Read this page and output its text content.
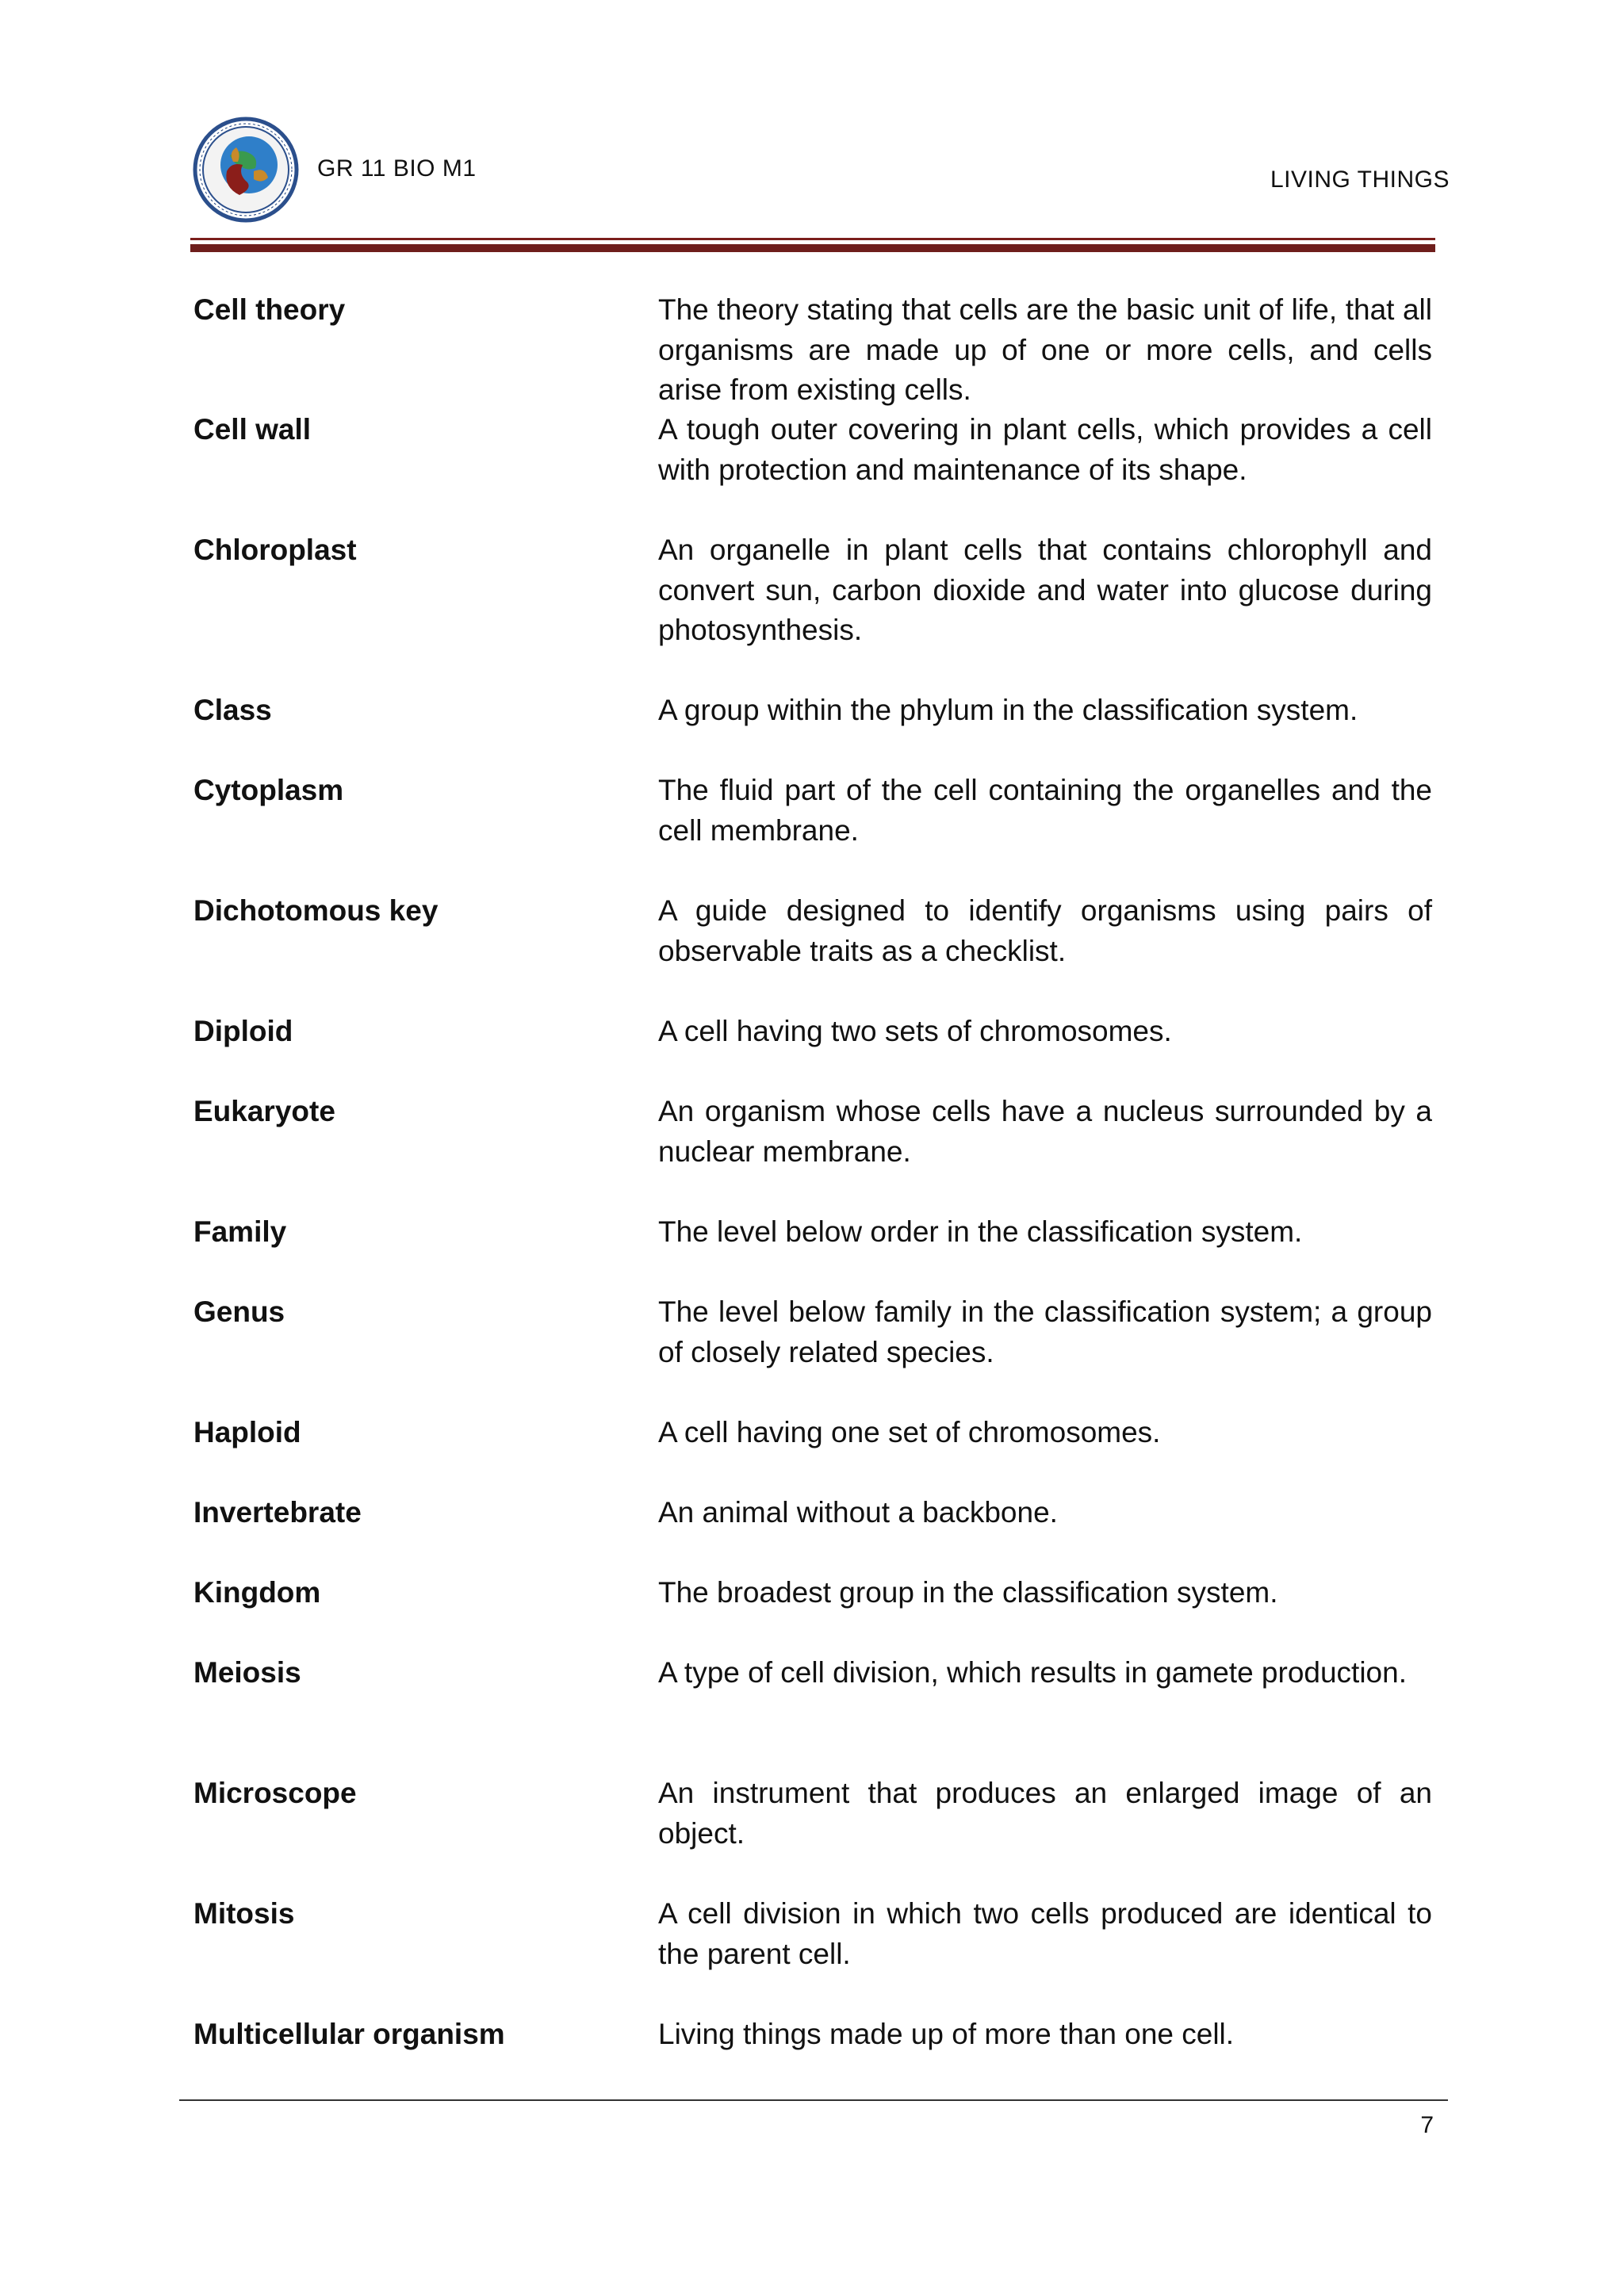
GR 11 BIO M1	LIVING THINGS
Cell theory	The theory stating that cells are the basic unit of life, that all organisms are made up of one or more cells, and cells arise from existing cells.
Cell wall	A tough outer covering in plant cells, which provides a cell with protection and maintenance of its shape.
Chloroplast	An organelle in plant cells that contains chlorophyll and convert sun, carbon dioxide and water into glucose during photosynthesis.
Class	A group within the phylum in the classification system.
Cytoplasm	The fluid part of the cell containing the organelles and the cell membrane.
Dichotomous key	A guide designed to identify organisms using pairs of observable traits as a checklist.
Diploid	A cell having two sets of chromosomes.
Eukaryote	An organism whose cells have a nucleus surrounded by a nuclear membrane.
Family	The level below order in the classification system.
Genus	The level below family in the classification system; a group of closely related species.
Haploid	A cell having one set of chromosomes.
Invertebrate	An animal without a backbone.
Kingdom	The broadest group in the classification system.
Meiosis	A type of cell division, which results in gamete production.
Microscope	An instrument that produces an enlarged image of an object.
Mitosis	A cell division in which two cells produced are identical to the parent cell.
Multicellular organism	Living things made up of more than one cell.
7
